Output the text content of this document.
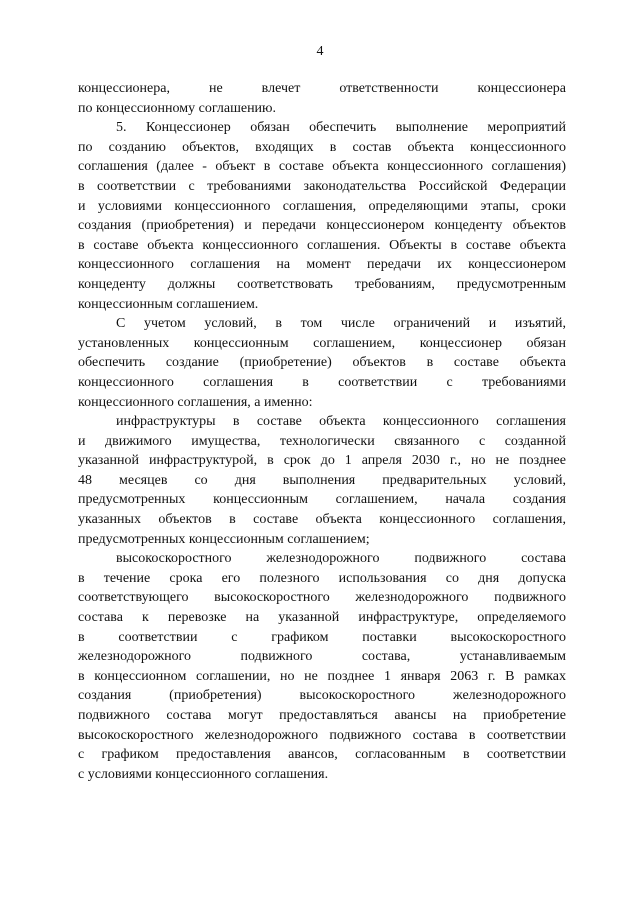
4
концессионера, не влечет ответственности концессионера
по концессионному соглашению.
5. Концессионер обязан обеспечить выполнение мероприятий
по созданию объектов, входящих в состав объекта концессионного
соглашения (далее - объект в составе объекта концессионного соглашения)
в соответствии с требованиями законодательства Российской Федерации
и условиями концессионного соглашения, определяющими этапы, сроки
создания (приобретения) и передачи концессионером концеденту объектов
в составе объекта концессионного соглашения. Объекты в составе объекта
концессионного соглашения на момент передачи их концессионером
концеденту должны соответствовать требованиям, предусмотренным
концессионным соглашением.
С учетом условий, в том числе ограничений и изъятий,
установленных концессионным соглашением, концессионер обязан
обеспечить создание (приобретение) объектов в составе объекта
концессионного соглашения в соответствии с требованиями
концессионного соглашения, а именно:
инфраструктуры в составе объекта концессионного соглашения
и движимого имущества, технологически связанного с созданной
указанной инфраструктурой, в срок до 1 апреля 2030 г., но не позднее
48 месяцев со дня выполнения предварительных условий,
предусмотренных концессионным соглашением, начала создания
указанных объектов в составе объекта концессионного соглашения,
предусмотренных концессионным соглашением;
высокоскоростного железнодорожного подвижного состава
в течение срока его полезного использования со дня допуска
соответствующего высокоскоростного железнодорожного подвижного
состава к перевозке на указанной инфраструктуре, определяемого
в соответствии с графиком поставки высокоскоростного
железнодорожного подвижного состава, устанавливаемым
в концессионном соглашении, но не позднее 1 января 2063 г. В рамках
создания (приобретения) высокоскоростного железнодорожного
подвижного состава могут предоставляться авансы на приобретение
высокоскоростного железнодорожного подвижного состава в соответствии
с графиком предоставления авансов, согласованным в соответствии
с условиями концессионного соглашения.
